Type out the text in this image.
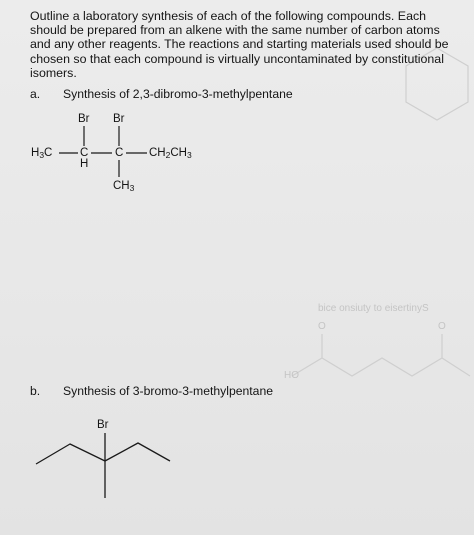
bice onsiuty to eisertinyS
HO
O	O

Outline a laboratory synthesis of each of the following compounds. Each should be prepared from an alkene with the same number of carbon atoms and any other reagents. The reactions and starting materials used should be chosen so that each compound is virtually uncontaminated by constitutional isomers.

a. Synthesis of 2,3-dibromo-3-methylpentane
Br Br
$H_3C$ C
H
C $CH_2CH_3$
$CH_3$
b. Synthesis of 3-bromo-3-methylpentane
Br
